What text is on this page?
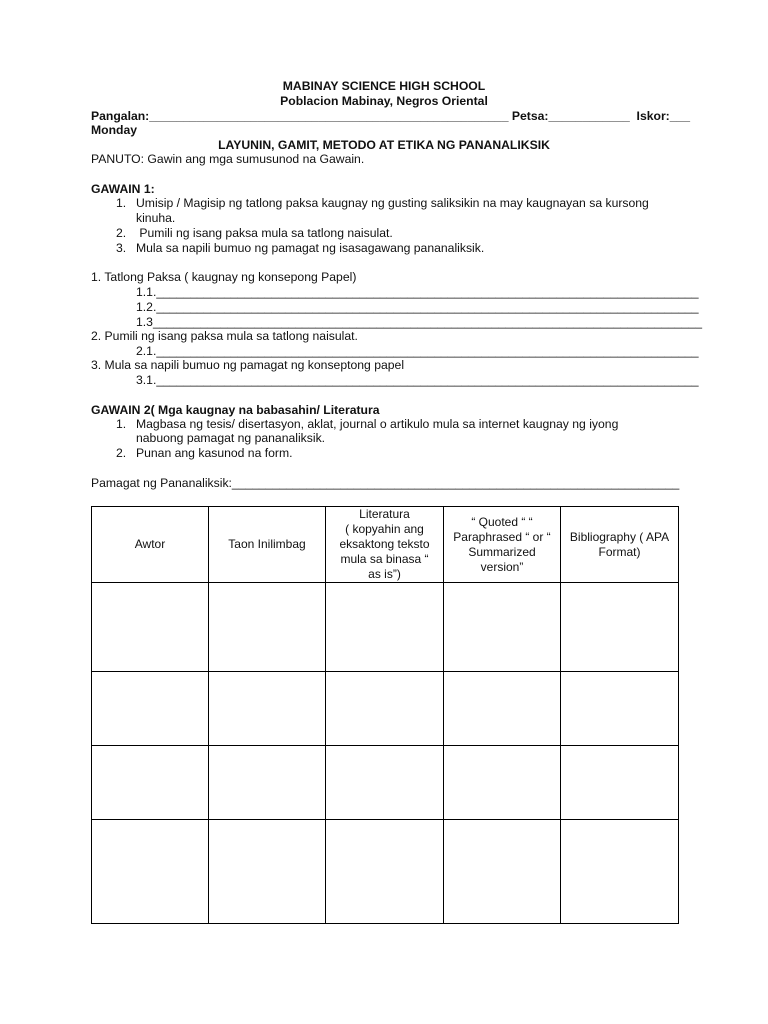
MABINAY SCIENCE HIGH SCHOOL
Poblacion Mabinay, Negros Oriental
Pangalan:_____________________________________________________ Petsa:____________  Iskor:___
Monday
LAYUNIN, GAMIT, METODO AT ETIKA NG PANANALIKSIK
PANUTO: Gawin ang mga sumusunod na Gawain.
GAWAIN 1:
1. Umisip / Magisip ng tatlong paksa kaugnay ng gusting saliksikin na may kaugnayan sa kursong
kinuha.
2. Pumili ng isang paksa mula sa tatlong naisulat.
3. Mula sa napili bumuo ng pamagat ng isasagawang pananaliksik.
1. Tatlong Paksa ( kaugnay ng konsepong Papel)
1.1.________________________________________________________________________________
1.2.________________________________________________________________________________
1.3_________________________________________________________________________________
2. Pumili ng isang paksa mula sa tatlong naisulat.
2.1.________________________________________________________________________________
3. Mula sa napili bumuo ng pamagat ng konseptong papel
3.1.________________________________________________________________________________
GAWAIN 2( Mga kaugnay na babasahin/ Literatura
1. Magbasa ng tesis/ disertasyon, aklat, journal o artikulo mula sa internet kaugnay ng iyong
nabuong pamagat ng pananaliksik.
2. Punan ang kasunod na form.
Pamagat ng Pananaliksik:__________________________________________________________________
Awtor	Taon Inilimbag	Literatura
( kopyahin ang
eksaktong teksto
mula sa binasa “
as is”)	“ Quoted “ “
Paraphrased “ or “
Summarized
version”	Bibliography ( APA
Format)
